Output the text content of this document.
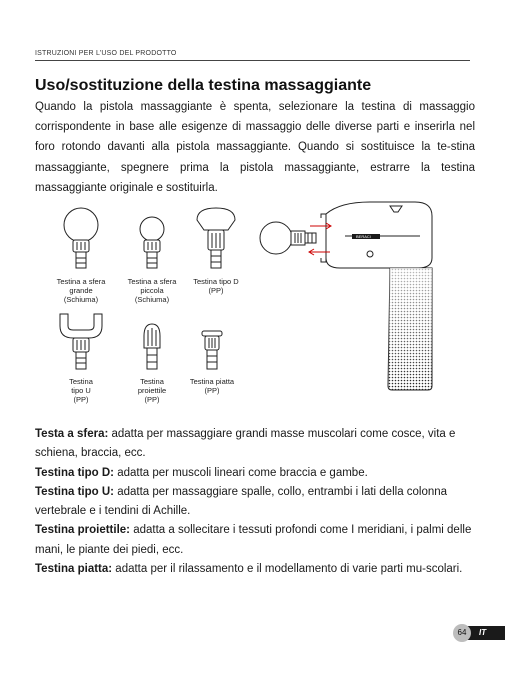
ISTRUZIONI PER L’USO DEL PRODOTTO
Uso/sostituzione della testina massaggiante

Quando la pistola massaggiante è spenta, selezionare la testina di massaggio corrispondente in base alle esigenze di massaggio delle diverse parti e inserirla nel foro rotondo davanti alla pistola massaggiante. Quando si sostituisce la te-stina massaggiante, spegnere prima la pistola massaggiante, estrarre la testina massaggiante originale e sostituirla.

BERACI
Testina a sfera
grande
(Schiuma)
Testina a sfera
piccola
(Schiuma)
Testina tipo D
(PP)
Testina
tipo U
(PP)
Testina
proiettile
(PP)
Testina piatta
(PP)
Testa a sfera: adatta per massaggiare grandi masse muscolari come cosce, vita e schiena, braccia, ecc.
Testina tipo D: adatta per muscoli lineari come braccia e gambe.
Testina tipo U: adatta per massaggiare spalle, collo, entrambi i lati della colonna vertebrale e i tendini di Achille.
Testina proiettile: adatta a sollecitare i tessuti profondi come I meridiani, i palmi delle mani, le piante dei piedi, ecc.
Testina piatta: adatta per il rilassamento e il modellamento di varie parti mu-scolari.
64	IT
